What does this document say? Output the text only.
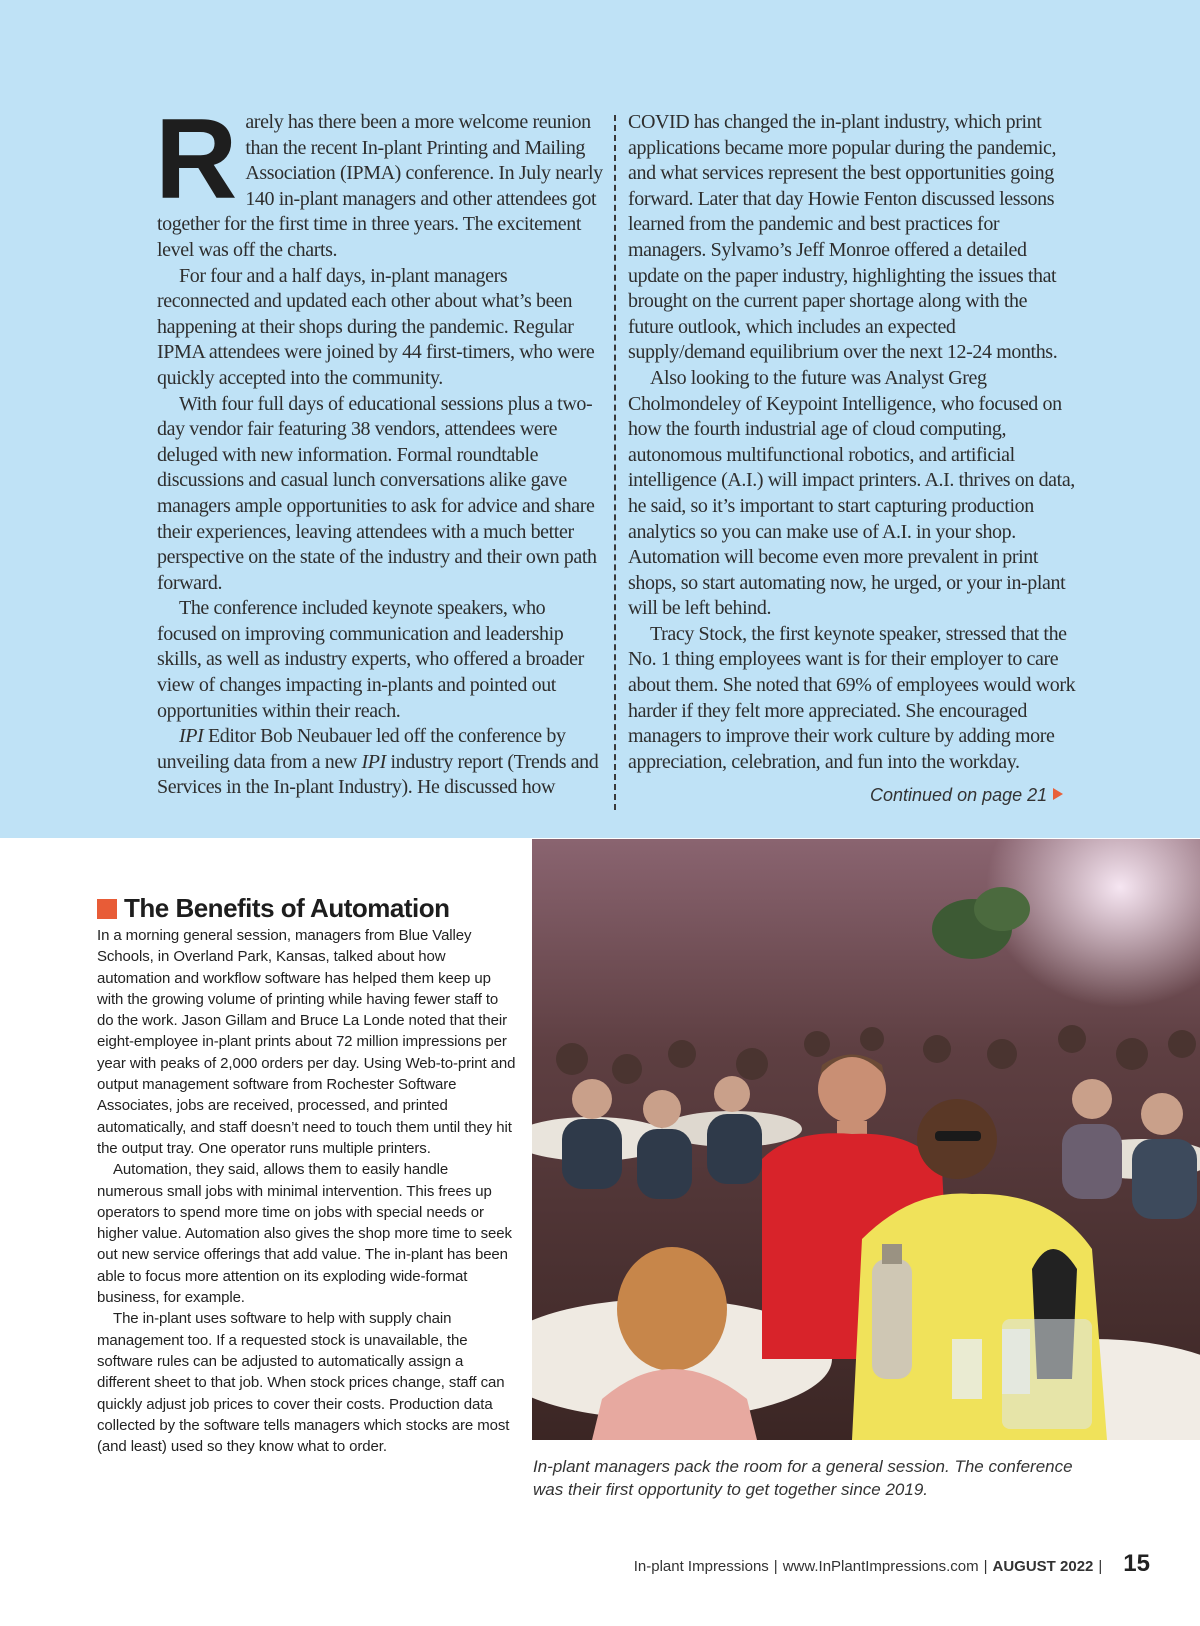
Rarely has there been a more welcome reunion than the recent In-plant Printing and Mailing Association (IPMA) conference. In July nearly 140 in-plant managers and other attendees got together for the first time in three years. The excitement level was off the charts.

For four and a half days, in-plant managers reconnected and updated each other about what’s been happening at their shops during the pandemic. Regular IPMA attendees were joined by 44 first-timers, who were quickly accepted into the community.

With four full days of educational sessions plus a two-day vendor fair featuring 38 vendors, attendees were deluged with new information. Formal roundtable discussions and casual lunch conversations alike gave managers ample opportunities to ask for advice and share their experiences, leaving attendees with a much better perspective on the state of the industry and their own path forward.

The conference included keynote speakers, who focused on improving communication and leadership skills, as well as industry experts, who offered a broader view of changes impacting in-plants and pointed out opportunities within their reach.

IPI Editor Bob Neubauer led off the conference by unveiling data from a new IPI industry report (Trends and Services in the In-plant Industry). He discussed how

COVID has changed the in-plant industry, which print applications became more popular during the pandemic, and what services represent the best opportunities going forward. Later that day Howie Fenton discussed lessons learned from the pandemic and best practices for managers. Sylvamo’s Jeff Monroe offered a detailed update on the paper industry, highlighting the issues that brought on the current paper shortage along with the future outlook, which includes an expected supply/demand equilibrium over the next 12-24 months.

Also looking to the future was Analyst Greg Cholmondeley of Keypoint Intelligence, who focused on how the fourth industrial age of cloud computing, autonomous multifunctional robotics, and artificial intelligence (A.I.) will impact printers. A.I. thrives on data, he said, so it’s important to start capturing production analytics so you can make use of A.I. in your shop. Automation will become even more prevalent in print shops, so start automating now, he urged, or your in-plant will be left behind.

Tracy Stock, the first keynote speaker, stressed that the No. 1 thing employees want is for their employer to care about them. She noted that 69% of employees would work harder if they felt more appreciated. She encouraged managers to improve their work culture by adding more appreciation, celebration, and fun into the workday.

Continued on page 21
The Benefits of Automation

In a morning general session, managers from Blue Valley Schools, in Overland Park, Kansas, talked about how automation and workflow software has helped them keep up with the growing volume of printing while having fewer staff to do the work. Jason Gillam and Bruce La Londe noted that their eight-employee in-plant prints about 72 million impressions per year with peaks of 2,000 orders per day. Using Web-to-print and output management software from Rochester Software Associates, jobs are received, processed, and printed automatically, and staff doesn’t need to touch them until they hit the output tray. One operator runs multiple printers.

Automation, they said, allows them to easily handle numerous small jobs with minimal intervention. This frees up operators to spend more time on jobs with special needs or higher value. Automation also gives the shop more time to seek out new service offerings that add value. The in-plant has been able to focus more attention on its exploding wide-format business, for example.

The in-plant uses software to help with supply chain management too. If a requested stock is unavailable, the software rules can be adjusted to automatically assign a different sheet to that job. When stock prices change, staff can quickly adjust job prices to cover their costs. Production data collected by the software tells managers which stocks are most (and least) used so they know what to order.

In-plant managers pack the room for a general session. The conference was their first opportunity to get together since 2019.
In-plant Impressions | www.InPlantImpressions.com | AUGUST 2022 | 15
